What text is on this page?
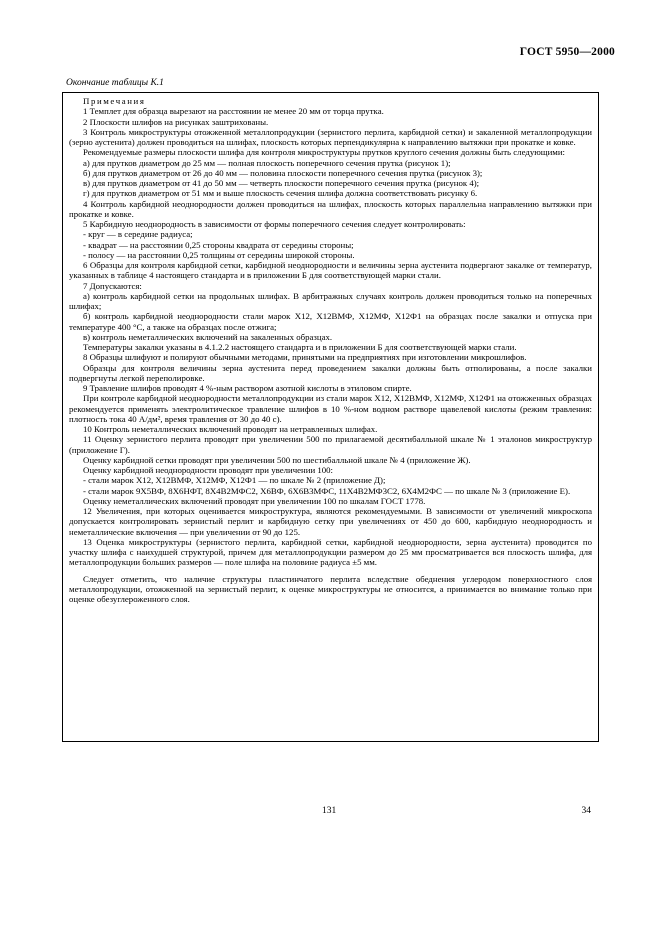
ГОСТ 5950—2000
Окончание таблицы К.1

Примечания

1 Темплет для образца вырезают на расстоянии не менее 20 мм от торца прутка.

2 Плоскости шлифов на рисунках заштрихованы.

3 Контроль микроструктуры отожженной металлопродукции (зернистого перлита, карбидной сетки) и закаленной металлопродукции (зерно аустенита) должен проводиться на шлифах, плоскость которых перпендикулярна к направлению вытяжки при прокатке и ковке.

Рекомендуемые размеры плоскости шлифа для контроля микроструктуры прутков круглого сечения должны быть следующими:

а) для прутков диаметром до 25 мм — полная плоскость поперечного сечения прутка (рисунок 1);

б) для прутков диаметром от 26 до 40 мм — половина плоскости поперечного сечения прутка (рисунок 3);

в) для прутков диаметром от 41 до 50 мм — четверть плоскости поперечного сечения прутка (рисунок 4);

г) для прутков диаметром от 51 мм и выше плоскость сечения шлифа должна соответствовать рисунку 6.

4 Контроль карбидной неоднородности должен проводиться на шлифах, плоскость которых параллельна направлению вытяжки при прокатке и ковке.

5 Карбидную неоднородность в зависимости от формы поперечного сечения следует контролировать:

- круг — в середине радиуса;

- квадрат — на расстоянии 0,25 стороны квадрата от середины стороны;

- полосу — на расстоянии 0,25 толщины от середины широкой стороны.

6 Образцы для контроля карбидной сетки, карбидной неоднородности и величины зерна аустенита подвергают закалке от температур, указанных в таблице 4 настоящего стандарта и в приложении Б для соответствующей марки стали.

7 Допускаются:

а) контроль карбидной сетки на продольных шлифах. В арбитражных случаях контроль должен проводиться только на поперечных шлифах;

б) контроль карбидной неоднородности стали марок Х12, Х12ВМФ, Х12МФ, Х12Ф1 на образцах после закалки и отпуска при температуре 400 °С, а также на образцах после отжига;

в) контроль неметаллических включений на закаленных образцах.

Температуры закалки указаны в 4.1.2.2 настоящего стандарта и в приложении Б для соответствующей марки стали.

8 Образцы шлифуют и полируют обычными методами, принятыми на предприятиях при изготовлении микрошлифов.

Образцы для контроля величины зерна аустенита перед проведением закалки должны быть отполированы, а после закалки подвергнуты легкой переполировке.

9 Травление шлифов проводят 4 %-ным раствором азотной кислоты в этиловом спирте.

При контроле карбидной неоднородности металлопродукции из стали марок Х12, Х12ВМФ, Х12МФ, Х12Ф1 на отожженных образцах рекомендуется применять электролитическое травление шлифов в 10 %-ном водном растворе щавелевой кислоты (режим травления: плотность тока 40 А/дм², время травления от 30 до 40 с).

10 Контроль неметаллических включений проводят на нетравленных шлифах.

11 Оценку зернистого перлита проводят при увеличении 500 по прилагаемой десятибалльной шкале № 1 эталонов микроструктур (приложение Г).

Оценку карбидной сетки проводят при увеличении 500 по шестибалльной шкале № 4 (приложение Ж).

Оценку карбидной неоднородности проводят при увеличении 100:

- стали марок Х12, Х12ВМФ, Х12МФ, Х12Ф1 — по шкале № 2 (приложение Д);

- стали марок 9Х5ВФ, 8Х6НФТ, 8Х4В2МФС2, Х6ВФ, 6Х6В3МФС, 11Х4В2МФ3С2, 6Х4М2ФС — по шкале № 3 (приложение Е).

Оценку неметаллических включений проводят при увеличении 100 по шкалам ГОСТ 1778.

12 Увеличения, при которых оценивается микроструктура, являются рекомендуемыми. В зависимости от увеличений микроскопа допускается контролировать зернистый перлит и карбидную сетку при увеличениях от 450 до 600, карбидную неоднородность и неметаллические включения — при увеличении от 90 до 125.

13 Оценка микроструктуры (зернистого перлита, карбидной сетки, карбидной неоднородности, зерна аустенита) проводится по участку шлифа с наихудшей структурой, причем для металлопродукции размером до 25 мм просматривается вся плоскость шлифа, для металлопродукции больших размеров — поле шлифа на половине радиуса ±5 мм.

Следует отметить, что наличие структуры пластинчатого перлита вследствие обеднения углеродом поверхностного слоя металлопродукции, отожженной на зернистый перлит, к оценке микроструктуры не относится, а принимается во внимание только при оценке обезуглероженного слоя.

131	34
